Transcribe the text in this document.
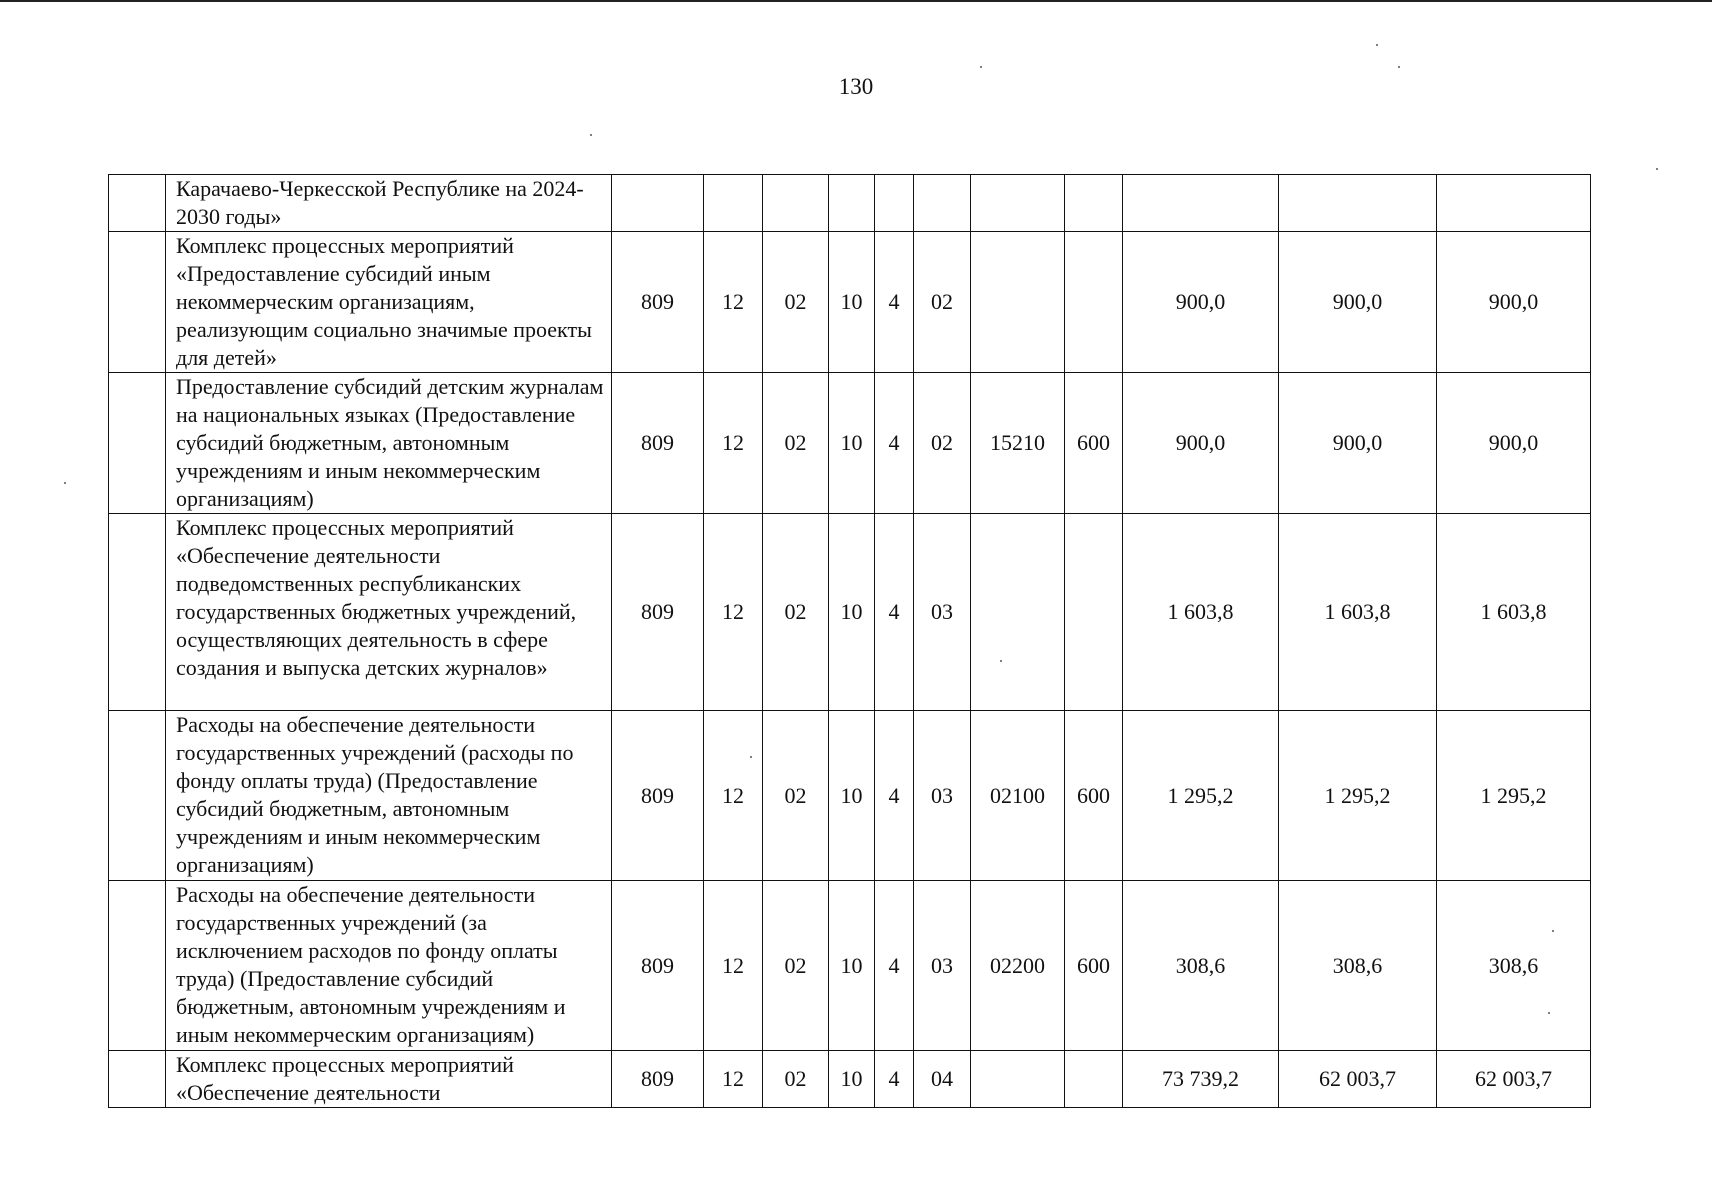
130
	Карачаево-Черкесской Республике на 2024-2030 годы»											
	Комплекс процессных мероприятий «Предоставление субсидий иным некоммерческим организациям, реализующим социально значимые проекты для детей»	809	12	02	10	4	02			900,0	900,0	900,0
	Предоставление субсидий детским журналам на национальных языках (Предоставление субсидий бюджетным, автономным учреждениям и иным некоммерческим организациям)	809	12	02	10	4	02	15210	600	900,0	900,0	900,0
	Комплекс процессных мероприятий «Обеспечение деятельности подведомственных республиканских государственных бюджетных учреждений, осуществляющих деятельность в сфере создания и выпуска детских журналов»	809	12	02	10	4	03			1 603,8	1 603,8	1 603,8
	Расходы на обеспечение деятельности государственных учреждений (расходы по фонду оплаты труда) (Предоставление субсидий бюджетным, автономным учреждениям и иным некоммерческим организациям)	809	12	02	10	4	03	02100	600	1 295,2	1 295,2	1 295,2
	Расходы на обеспечение деятельности государственных учреждений (за исключением расходов по фонду оплаты труда) (Предоставление субсидий бюджетным, автономным учреждениям и иным некоммерческим организациям)	809	12	02	10	4	03	02200	600	308,6	308,6	308,6
	Комплекс процессных мероприятий «Обеспечение деятельности	809	12	02	10	4	04			73 739,2	62 003,7	62 003,7
